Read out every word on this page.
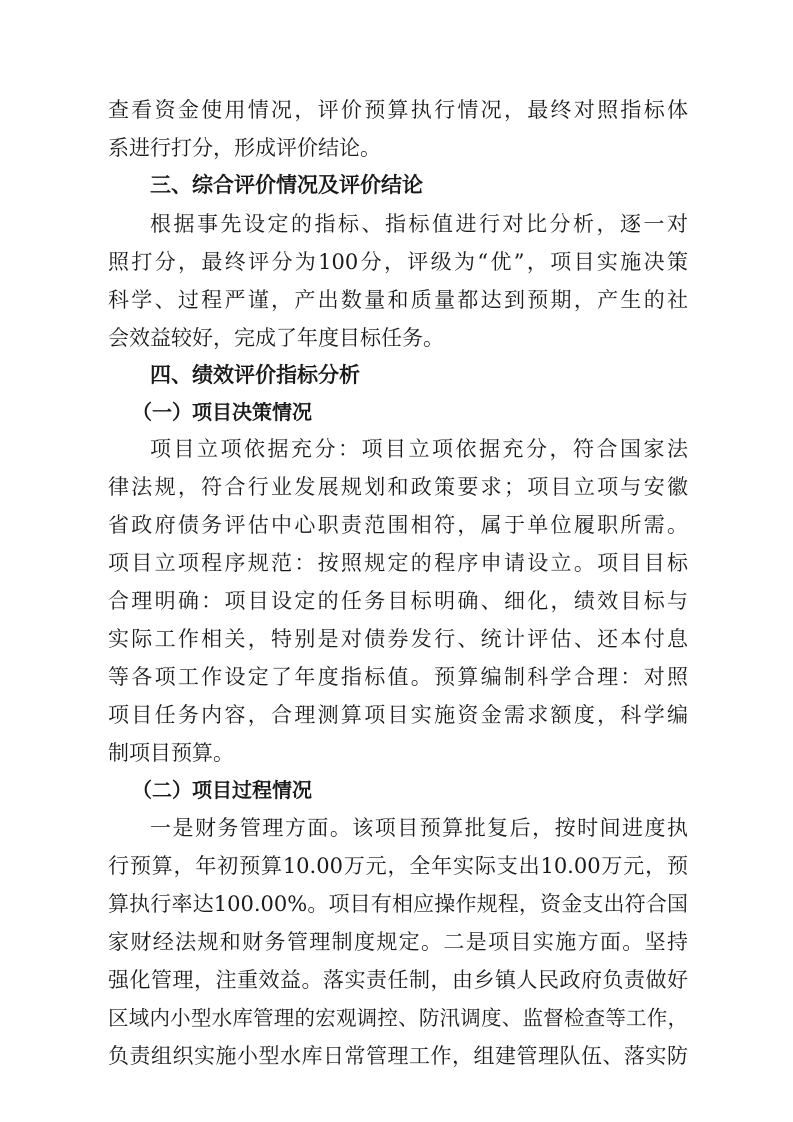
查看资金使用情况，评价预算执行情况，最终对照指标体
系进行打分，形成评价结论。
三、综合评价情况及评价结论
根据事先设定的指标、指标值进行对比分析，逐一对
照打分，最终评分为100分，评级为“优”，项目实施决策
科学、过程严谨，产出数量和质量都达到预期，产生的社
会效益较好，完成了年度目标任务。
四、绩效评价指标分析
（一）项目决策情况
项目立项依据充分：项目立项依据充分，符合国家法
律法规，符合行业发展规划和政策要求；项目立项与安徽
省政府债务评估中心职责范围相符，属于单位履职所需。
项目立项程序规范：按照规定的程序申请设立。项目目标
合理明确：项目设定的任务目标明确、细化，绩效目标与
实际工作相关，特别是对债券发行、统计评估、还本付息
等各项工作设定了年度指标值。预算编制科学合理：对照
项目任务内容，合理测算项目实施资金需求额度，科学编
制项目预算。
（二）项目过程情况
一是财务管理方面。该项目预算批复后，按时间进度执
行预算，年初预算10.00万元，全年实际支出10.00万元，预
算执行率达100.00%。项目有相应操作规程，资金支出符合国
家财经法规和财务管理制度规定。二是项目实施方面。坚持
强化管理，注重效益。落实责任制，由乡镇人民政府负责做好
区域内小型水库管理的宏观调控、防汛调度、监督检查等工作，
负责组织实施小型水库日常管理工作，组建管理队伍、落实防
